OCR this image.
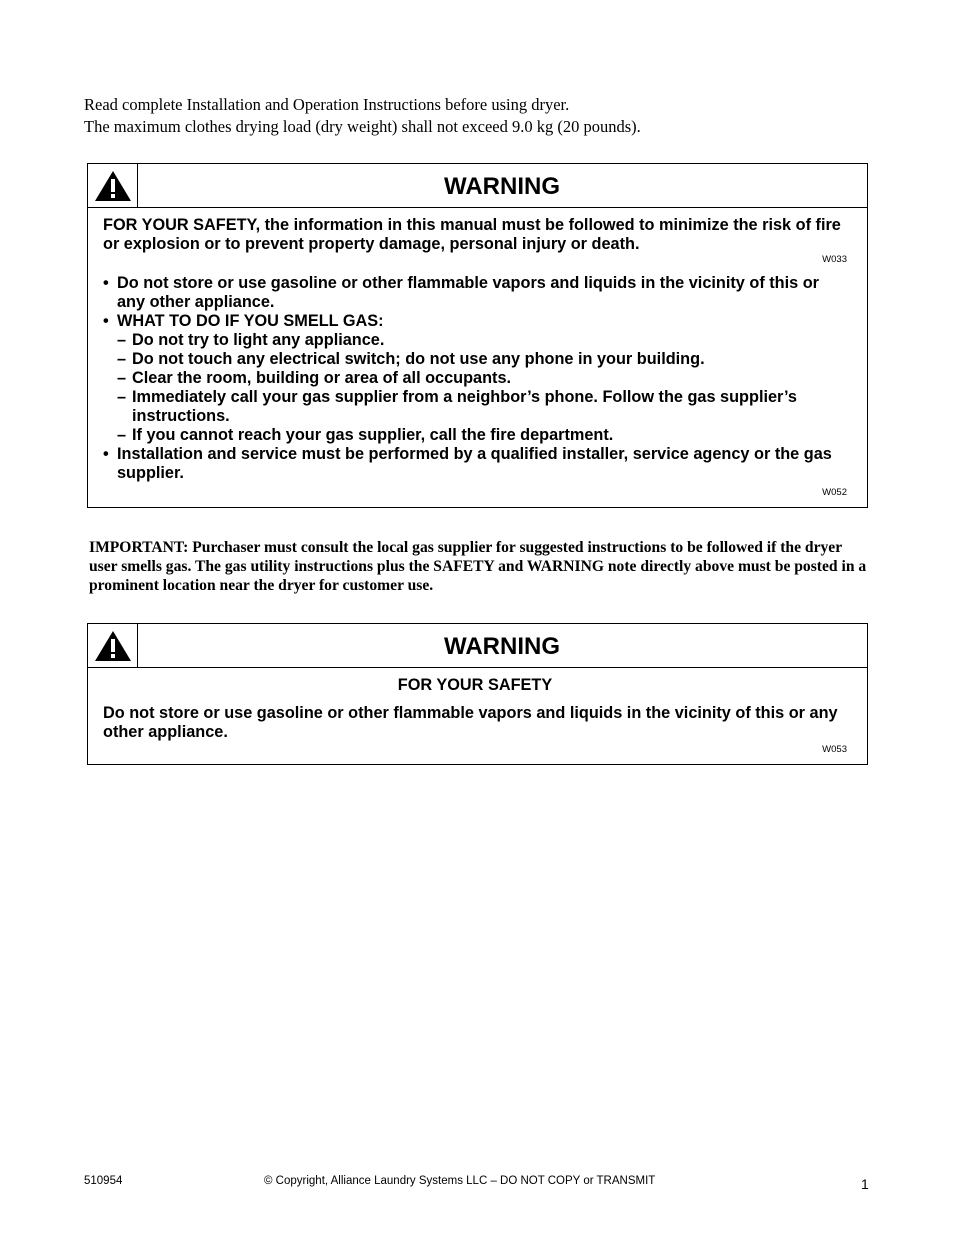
Read complete Installation and Operation Instructions before using dryer.

The maximum clothes drying load (dry weight) shall not exceed 9.0 kg (20 pounds).

WARNING

FOR YOUR SAFETY, the information in this manual must be followed to minimize the risk of fire or explosion or to prevent property damage, personal injury or death.

W033
• Do not store or use gasoline or other flammable vapors and liquids in the vicinity of this or any other appliance.
• WHAT TO DO IF YOU SMELL GAS:
– Do not try to light any appliance.
– Do not touch any electrical switch; do not use any phone in your building.
– Clear the room, building or area of all occupants.
– Immediately call your gas supplier from a neighbor’s phone. Follow the gas supplier’s instructions.
– If you cannot reach your gas supplier, call the fire department.
• Installation and service must be performed by a qualified installer, service agency or the gas supplier.
W052
IMPORTANT: Purchaser must consult the local gas supplier for suggested instructions to be followed if the dryer user smells gas. The gas utility instructions plus the SAFETY and WARNING note directly above must be posted in a prominent location near the dryer for customer use.
WARNING

FOR YOUR SAFETY

Do not store or use gasoline or other flammable vapors and liquids in the vicinity of this or any other appliance.

W053
510954	© Copyright, Alliance Laundry Systems LLC – DO NOT COPY or TRANSMIT	1
